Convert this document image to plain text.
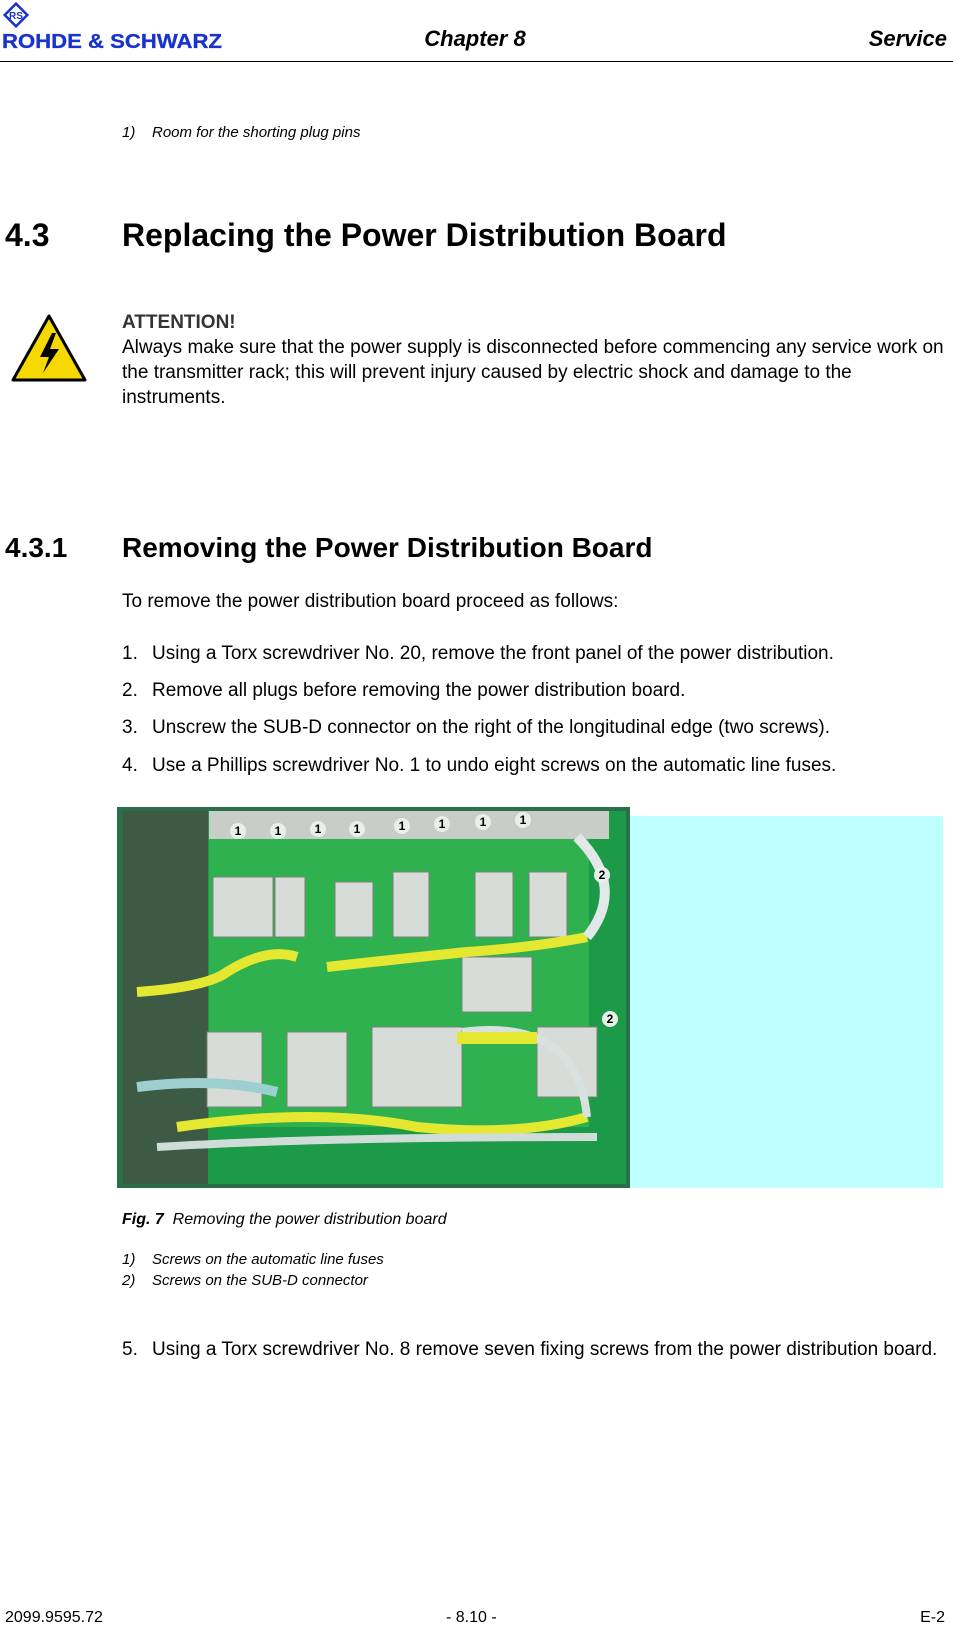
RS
ROHDE & SCHWARZ	Chapter 8	Service
1) Room for the shorting plug pins
4.3 Replacing the Power Distribution Board
ATTENTION!
Always make sure that the power supply is disconnected before commencing any service work on the transmitter rack; this will prevent injury caused by electric shock and damage to the instruments.
4.3.1 Removing the Power Distribution Board
To remove the power distribution board proceed as follows:
1. Using a Torx screwdriver No. 20, remove the front panel of the power distribution.
2. Remove all plugs before removing the power distribution board.
3. Unscrew the SUB-D connector on the right of the longitudinal edge (two screws).
4. Use a Phillips screwdriver No. 1 to undo eight screws on the automatic line fuses.
1	1	1	1	1	1	1	1
2
2
Fig. 7 Removing the power distribution board
1) Screws on the automatic line fuses
2) Screws on the SUB-D connector
5. Using a Torx screwdriver No. 8 remove seven fixing screws from the power distribution board.
2099.9595.72	- 8.10 -	E-2
